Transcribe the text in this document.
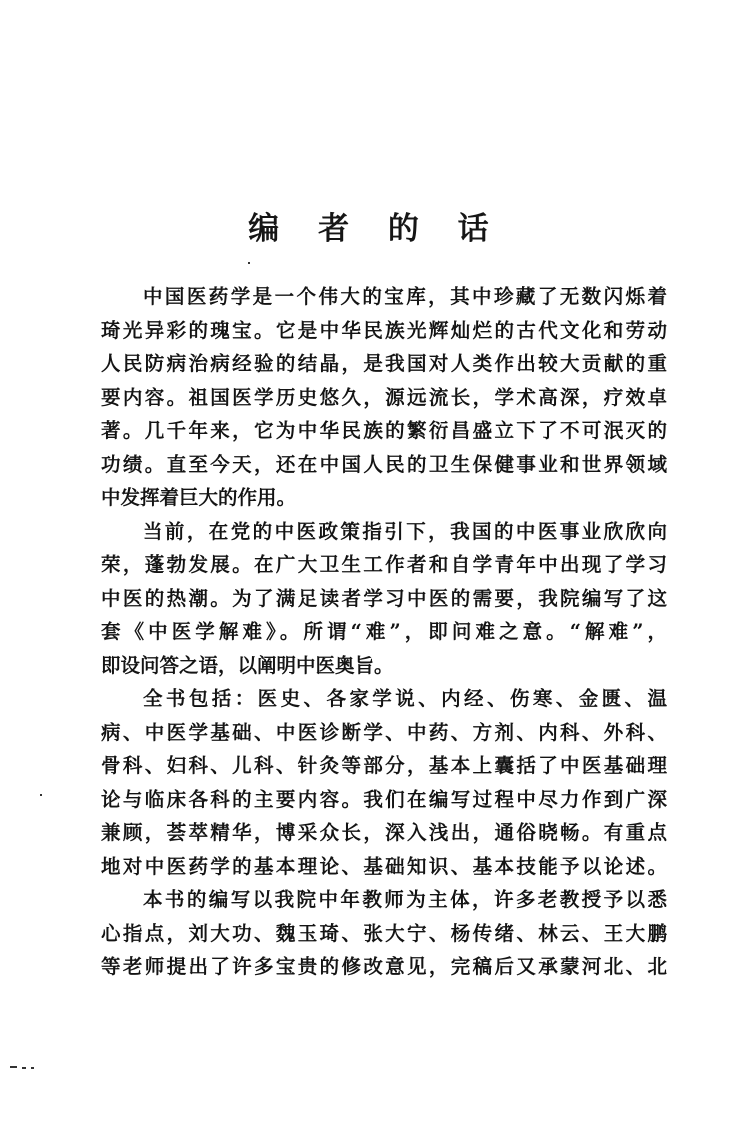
编 者 的 话
中国医药学是一个伟大的宝库，其中珍藏了无数闪烁着
琦光异彩的瑰宝。它是中华民族光辉灿烂的古代文化和劳动
人民防病治病经验的结晶，是我国对人类作出较大贡献的重
要内容。祖国医学历史悠久，源远流长，学术高深，疗效卓
著。几千年来，它为中华民族的繁衍昌盛立下了不可泯灭的
功绩。直至今天，还在中国人民的卫生保健事业和世界领域
中发挥着巨大的作用。
当前，在党的中医政策指引下，我国的中医事业欣欣向
荣，蓬勃发展。在广大卫生工作者和自学青年中出现了学习
中医的热潮。为了满足读者学习中医的需要，我院编写了这
套《中医学解难》。所谓“难”，即问难之意。“解难”，
即设问答之语，以阐明中医奥旨。
全书包括：医史、各家学说、内经、伤寒、金匮、温
病、中医学基础、中医诊断学、中药、方剂、内科、外科、
骨科、妇科、儿科、针灸等部分，基本上囊括了中医基础理
论与临床各科的主要内容。我们在编写过程中尽力作到广深
兼顾，荟萃精华，博采众长，深入浅出，通俗晓畅。有重点
地对中医药学的基本理论、基础知识、基本技能予以论述。
本书的编写以我院中年教师为主体，许多老教授予以悉
心指点，刘大功、魏玉琦、张大宁、杨传绪、林云、王大鹏
等老师提出了许多宝贵的修改意见，完稿后又承蒙河北、北
